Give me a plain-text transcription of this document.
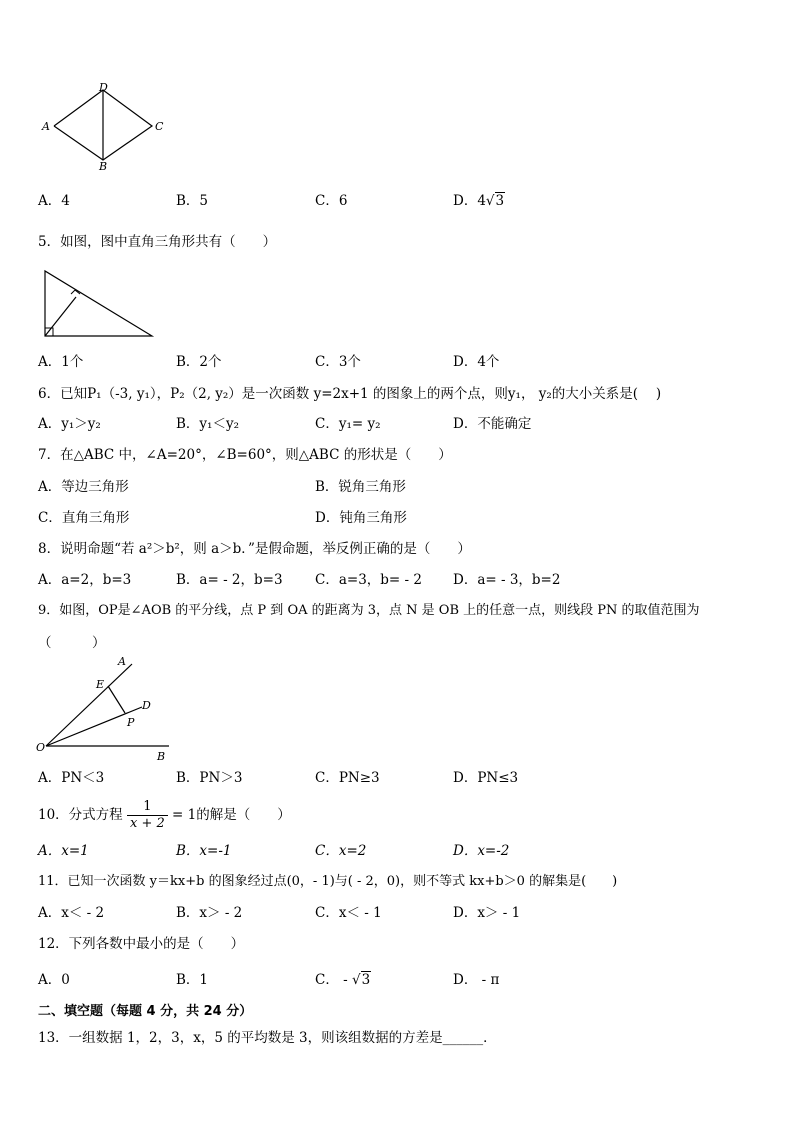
D
A	C
B
A．4	B．5	C．6	D．4√3
5．如图，图中直角三角形共有（　　）
A．1个	B．2个	C．3个	D．4个
6．已知P₁（-3, y₁），P₂（2, y₂）是一次函数 y=2x+1 的图象上的两个点，则y₁， y₂的大小关系是(　 )
A．y₁＞y₂	B．y₁＜y₂	C．y₁= y₂	D．不能确定
7．在△ABC 中，∠A=20°，∠B=60°，则△ABC 的形状是（　　）
A．等边三角形	B．锐角三角形
C．直角三角形	D．钝角三角形
8．说明命题“若 a²＞b²，则 a＞b．”是假命题，举反例正确的是（　　）
A．a=2，b=3	B．a= - 2，b=3 C．a=3，b= - 2 D．a= - 3，b=2
9．如图，OP是∠AOB 的平分线，点 P 到 OA 的距离为 3，点 N 是 OB 上的任意一点，则线段 PN 的取值范围为
（　　　）
A
E
D
P
O
B
A．PN＜3	B．PN＞3	C．PN≥3	D．PN≤3
10．分式方程 $\frac{1}{x + 2} = 1$的解是（　　）
A．x=1	B．x=-1	C．x=2	D．x=-2
11．已知一次函数 y＝kx+b 的图象经过点(0，- 1)与( - 2，0)，则不等式 kx+b＞0 的解集是(　　)
A．x＜ - 2	B．x＞ - 2	C．x＜ - 1	D．x＞ - 1
12．下列各数中最小的是（　　）
A．0	B．1	C． - √3	D． - π
二、填空题（每题 4 分，共 24 分）
13．一组数据 1，2，3，x，5 的平均数是 3，则该组数据的方差是______．
